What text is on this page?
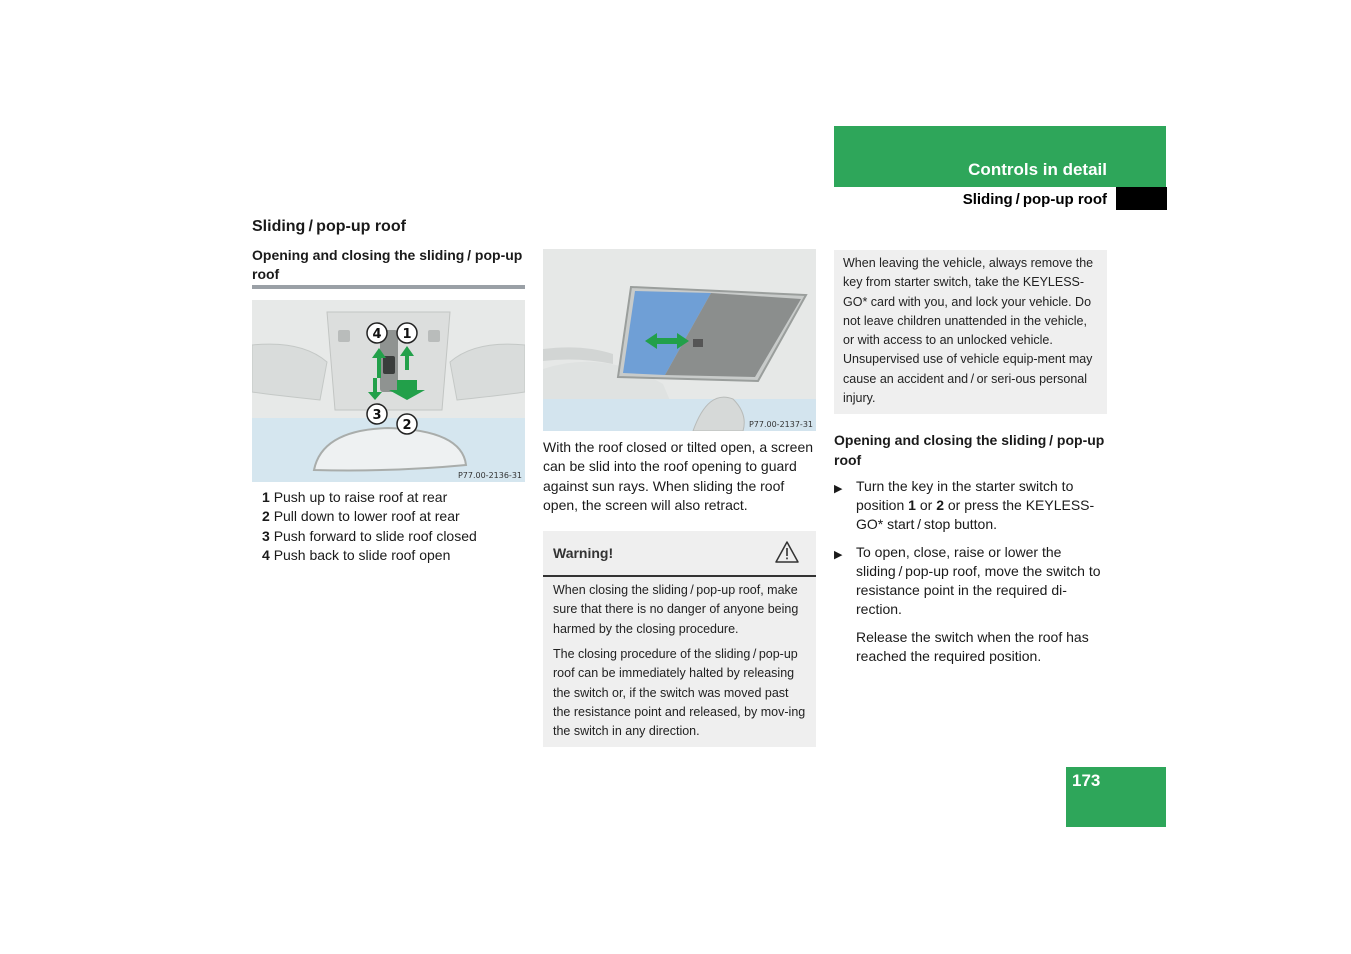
Controls in detail
Sliding / pop-up roof
Sliding / pop-up roof
Opening and closing the sliding / pop-up roof
4 1
3
2
P77.00-2136-31
1 Push up to raise roof at rear
2 Pull down to lower roof at rear
3 Push forward to slide roof closed
4 Push back to slide roof open
P77.00-2137-31
With the roof closed or tilted open, a screen can be slid into the roof opening to guard against sun rays. When sliding the roof open, the screen will also retract.
Warning!
When closing the sliding / pop-up roof, make sure that there is no danger of anyone being harmed by the closing procedure.
The closing procedure of the sliding / pop-up roof can be immediately halted by releasing the switch or, if the switch was moved past the resistance point and released, by mov-ing the switch in any direction.
When leaving the vehicle, always remove the key from starter switch, take the KEYLESS-GO* card with you, and lock your vehicle. Do not leave children unattended in the vehicle, or with access to an unlocked vehicle. Unsupervised use of vehicle equip-ment may cause an accident and / or seri-ous personal injury.
Opening and closing the sliding / pop-up roof
▶ Turn the key in the starter switch to position 1 or 2 or press the KEYLESS-GO* start / stop button.
▶ To open, close, raise or lower the sliding / pop-up roof, move the switch to resistance point in the required di-rection.
Release the switch when the roof has reached the required position.
173
